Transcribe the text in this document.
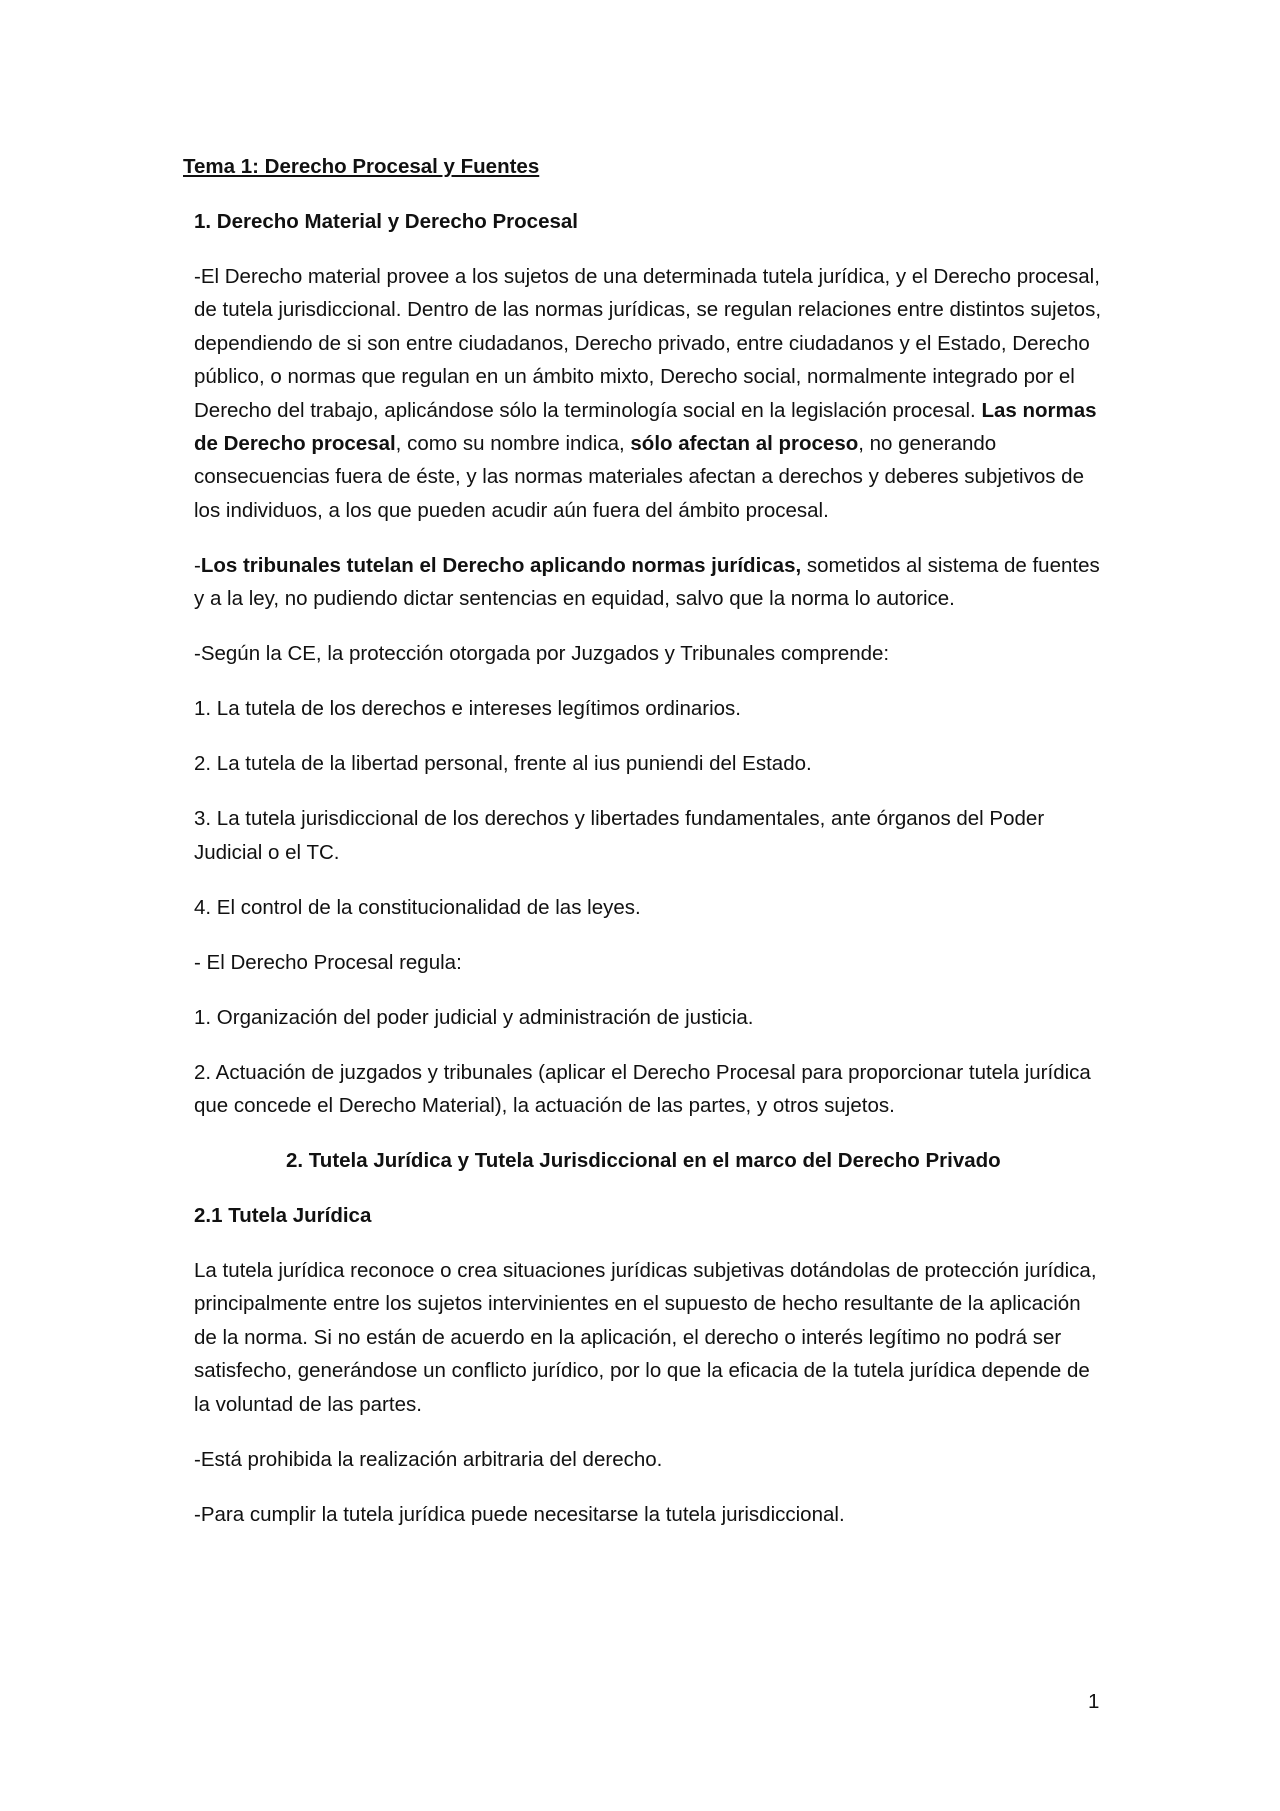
Tema 1: Derecho Procesal y Fuentes

1. Derecho Material y Derecho Procesal

-El Derecho material provee a los sujetos de una determinada tutela jurídica, y el Derecho procesal, de tutela jurisdiccional. Dentro de las normas jurídicas, se regulan relaciones entre distintos sujetos, dependiendo de si son entre ciudadanos, Derecho privado, entre ciudadanos y el Estado, Derecho público, o normas que regulan en un ámbito mixto, Derecho social, normalmente integrado por el Derecho del trabajo, aplicándose sólo la terminología social en la legislación procesal. Las normas de Derecho procesal, como su nombre indica, sólo afectan al proceso, no generando consecuencias fuera de éste, y las normas materiales afectan a derechos y deberes subjetivos de los individuos, a los que pueden acudir aún fuera del ámbito procesal.

-Los tribunales tutelan el Derecho aplicando normas jurídicas, sometidos al sistema de fuentes y a la ley, no pudiendo dictar sentencias en equidad, salvo que la norma lo autorice.

-Según la CE, la protección otorgada por Juzgados y Tribunales comprende:

1. La tutela de los derechos e intereses legítimos ordinarios.

2. La tutela de la libertad personal, frente al ius puniendi del Estado.

3. La tutela jurisdiccional de los derechos y libertades fundamentales, ante órganos del Poder Judicial o el TC.

4. El control de la constitucionalidad de las leyes.

- El Derecho Procesal regula:

1. Organización del poder judicial y administración de justicia.

2. Actuación de juzgados y tribunales (aplicar el Derecho Procesal para proporcionar tutela jurídica que concede el Derecho Material), la actuación de las partes, y otros sujetos.

2. Tutela Jurídica y Tutela Jurisdiccional en el marco del Derecho Privado

2.1 Tutela Jurídica

La tutela jurídica reconoce o crea situaciones jurídicas subjetivas dotándolas de protección jurídica, principalmente entre los sujetos intervinientes en el supuesto de hecho resultante de la aplicación de la norma. Si no están de acuerdo en la aplicación, el derecho o interés legítimo no podrá ser satisfecho, generándose un conflicto jurídico, por lo que la eficacia de la tutela jurídica depende de la voluntad de las partes.

-Está prohibida la realización arbitraria del derecho.

-Para cumplir la tutela jurídica puede necesitarse la tutela jurisdiccional.

1
